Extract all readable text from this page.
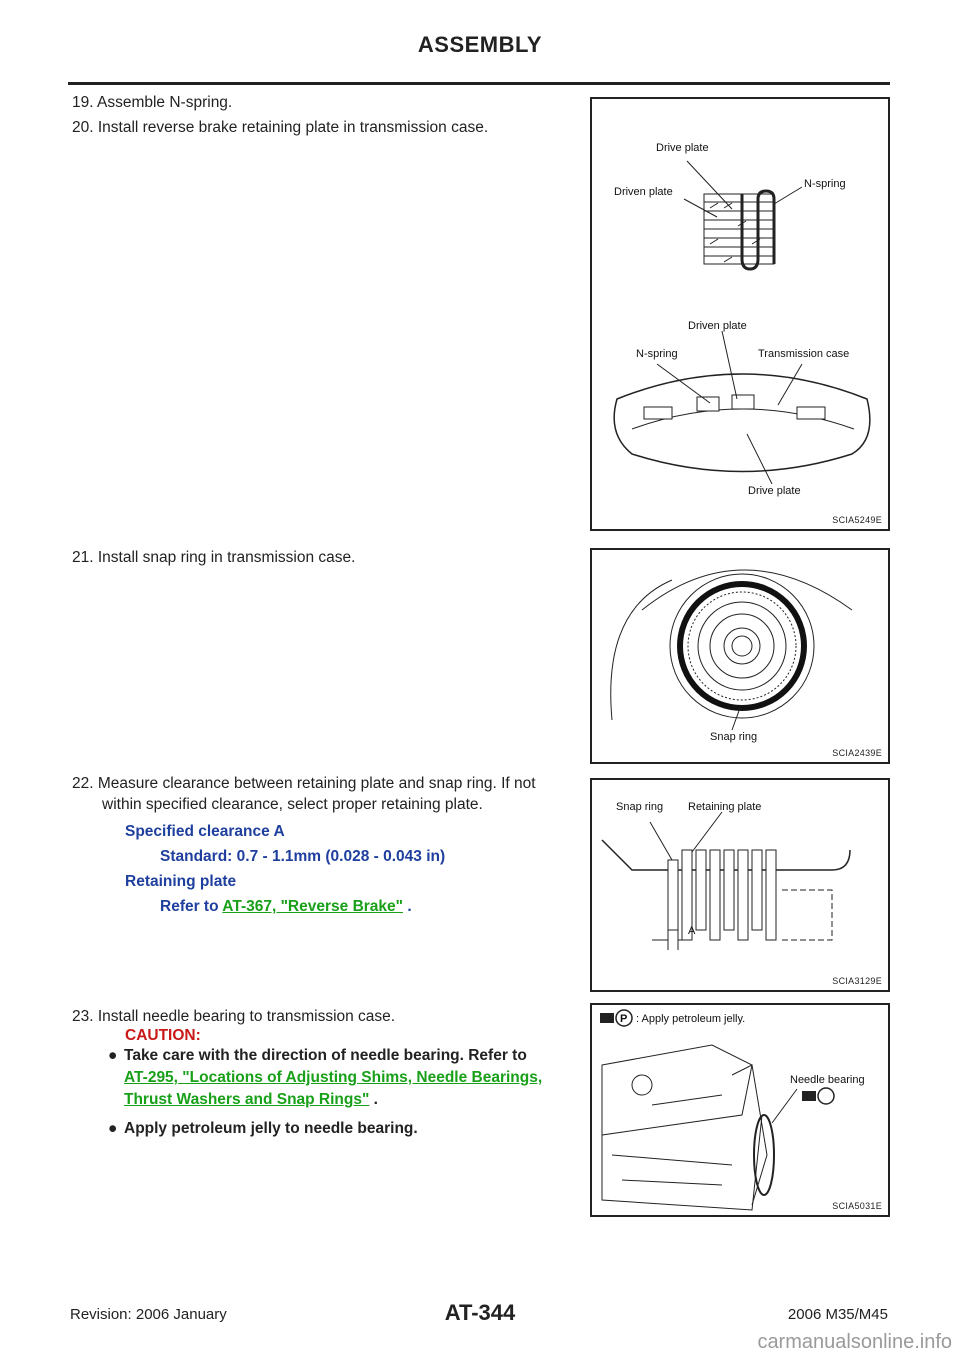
ASSEMBLY
19. Assemble N-spring.
20. Install reverse brake retaining plate in transmission case.
Drive plate
Driven plate
N-spring
Driven plate
N-spring	Transmission case
Drive plate
SCIA5249E
21. Install snap ring in transmission case.
Snap ring
SCIA2439E
22. Measure clearance between retaining plate and snap ring. If not
within specified clearance, select proper retaining plate.
Specified clearance A
Standard: 0.7 - 1.1mm (0.028 - 0.043 in)
Retaining plate
Refer to AT-367, "Reverse Brake" .
A
Snap ring Retaining plate
SCIA3129E
23. Install needle bearing to transmission case.
CAUTION:
● Take care with the direction of needle bearing. Refer to
AT-295, "Locations of Adjusting Shims, Needle Bearings,
Thrust Washers and Snap Rings" .
● Apply petroleum jelly to needle bearing.
P : Apply petroleum jelly.
Needle bearing
SCIA5031E
Revision: 2006 January	AT-344	2006 M35/M45
carmanualsonline.info
